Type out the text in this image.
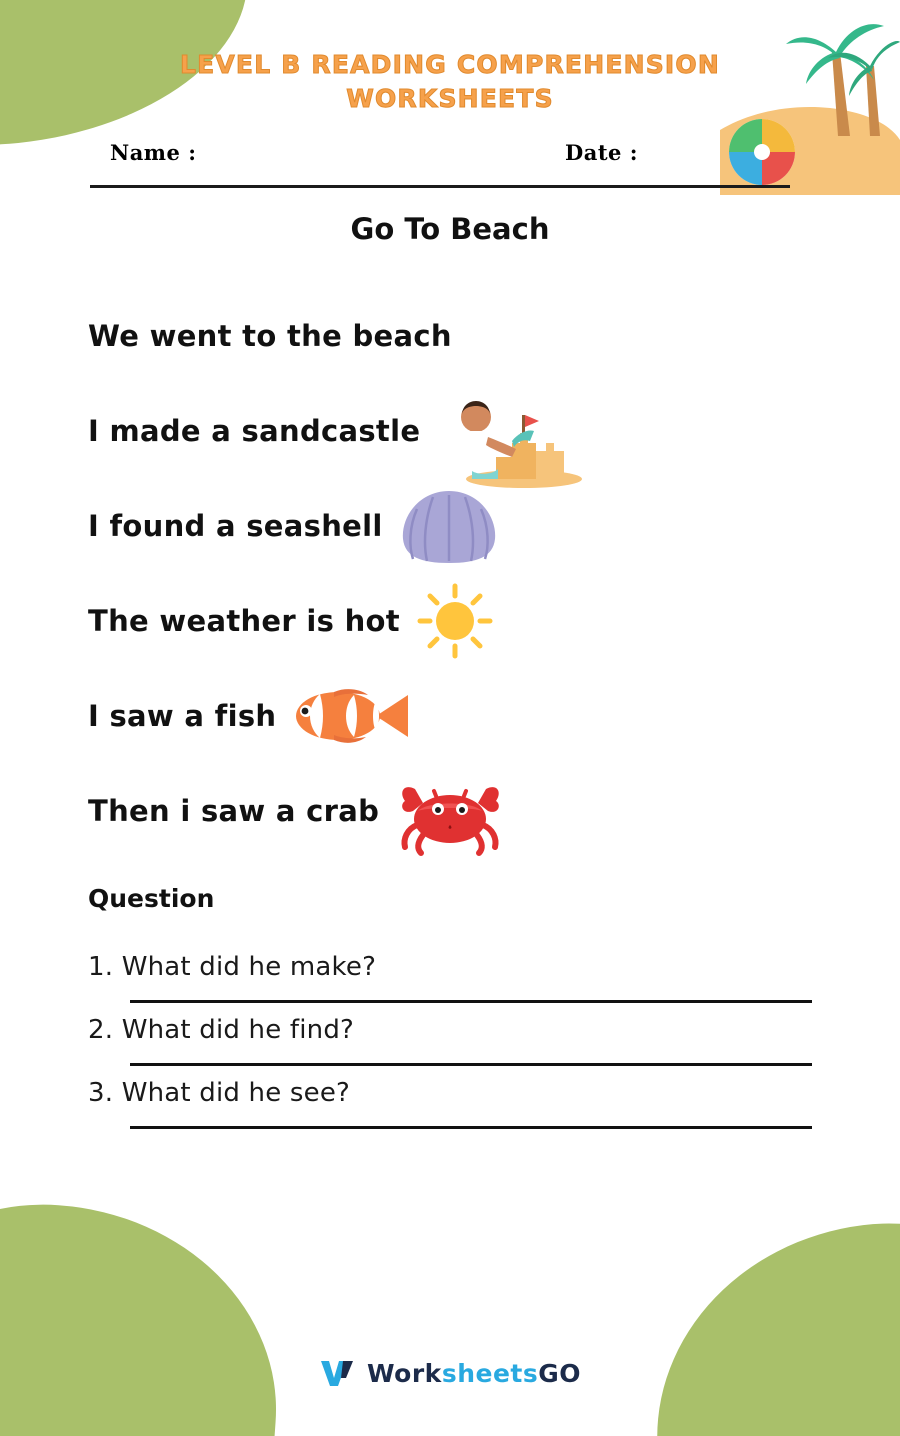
LEVEL B READING COMPREHENSION WORKSHEETS
Name :	Date :
Go To Beach
We went to the beach
I made a sandcastle
I found a seashell
The weather is hot
I saw a fish
Then i saw a crab
Question
1. What did he make?
2. What did he find?
3. What did he see?
WorksheetsGO
